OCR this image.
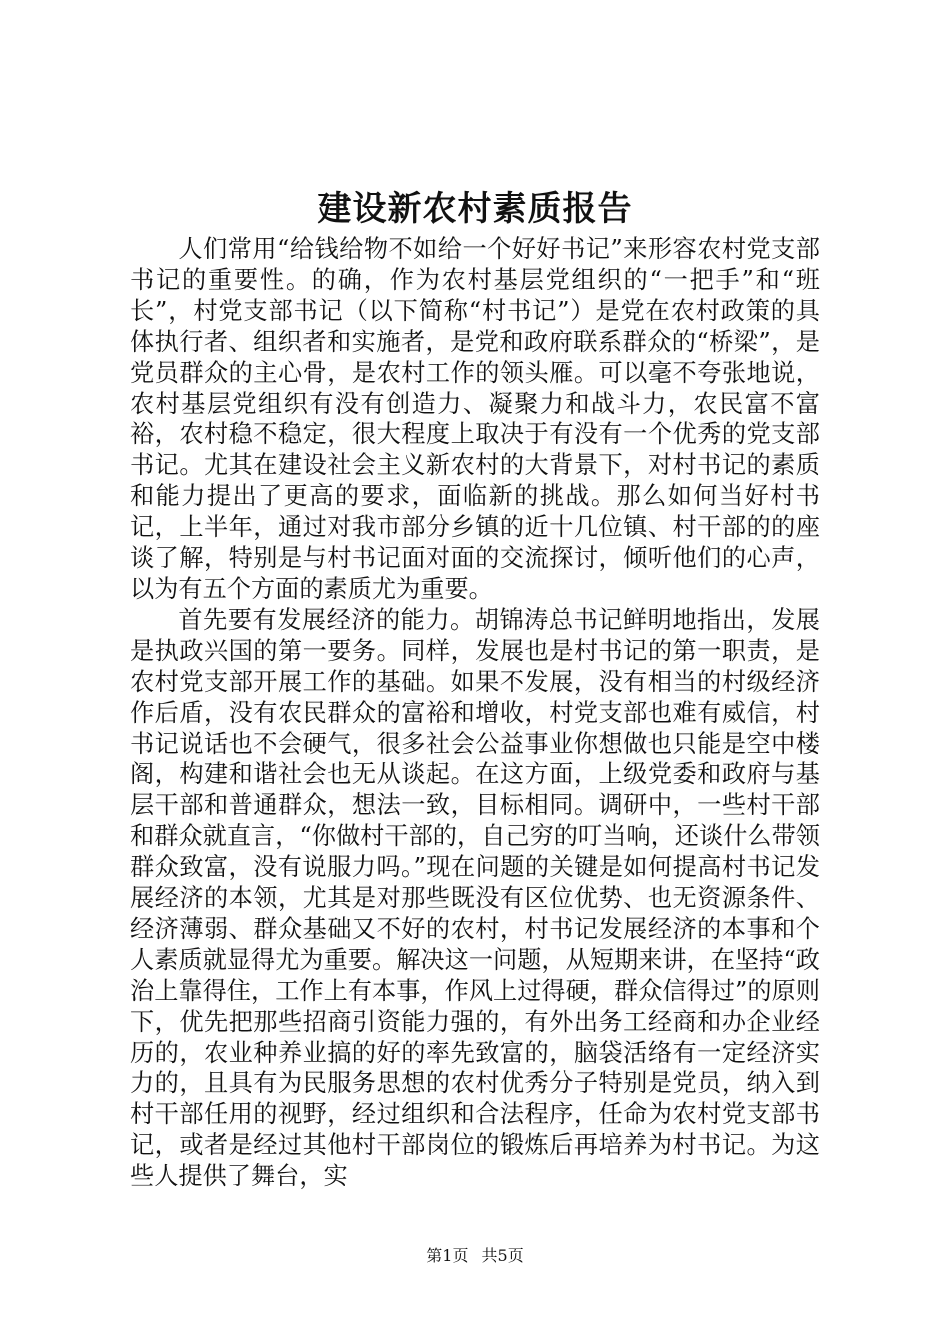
建设新农村素质报告

人们常用“给钱给物不如给一个好好书记”来形容农村党支部书记的重要性。的确，作为农村基层党组织的“一把手”和“班长”，村党支部书记（以下简称“村书记”）是党在农村政策的具体执行者、组织者和实施者，是党和政府联系群众的“桥梁”，是党员群众的主心骨，是农村工作的领头雁。可以毫不夸张地说，农村基层党组织有没有创造力、凝聚力和战斗力，农民富不富裕，农村稳不稳定，很大程度上取决于有没有一个优秀的党支部书记。尤其在建设社会主义新农村的大背景下，对村书记的素质和能力提出了更高的要求，面临新的挑战。那么如何当好村书记，上半年，通过对我市部分乡镇的近十几位镇、村干部的的座谈了解，特别是与村书记面对面的交流探讨，倾听他们的心声，以为有五个方面的素质尤为重要。

首先要有发展经济的能力。胡锦涛总书记鲜明地指出，发展是执政兴国的第一要务。同样，发展也是村书记的第一职责，是农村党支部开展工作的基础。如果不发展，没有相当的村级经济作后盾，没有农民群众的富裕和增收，村党支部也难有威信，村书记说话也不会硬气，很多社会公益事业你想做也只能是空中楼阁，构建和谐社会也无从谈起。在这方面，上级党委和政府与基层干部和普通群众，想法一致，目标相同。调研中，一些村干部和群众就直言，“你做村干部的，自己穷的叮当响，还谈什么带领群众致富，没有说服力吗。”现在问题的关键是如何提高村书记发展经济的本领，尤其是对那些既没有区位优势、也无资源条件、经济薄弱、群众基础又不好的农村，村书记发展经济的本事和个人素质就显得尤为重要。解决这一问题，从短期来讲，在坚持“政治上靠得住，工作上有本事，作风上过得硬，群众信得过”的原则下，优先把那些招商引资能力强的，有外出务工经商和办企业经历的，农业种养业搞的好的率先致富的，脑袋活络有一定经济实力的，且具有为民服务思想的农村优秀分子特别是党员，纳入到村干部任用的视野，经过组织和合法程序，任命为农村党支部书记，或者是经过其他村干部岗位的锻炼后再培养为村书记。为这些人提供了舞台，实

第1页 共5页
